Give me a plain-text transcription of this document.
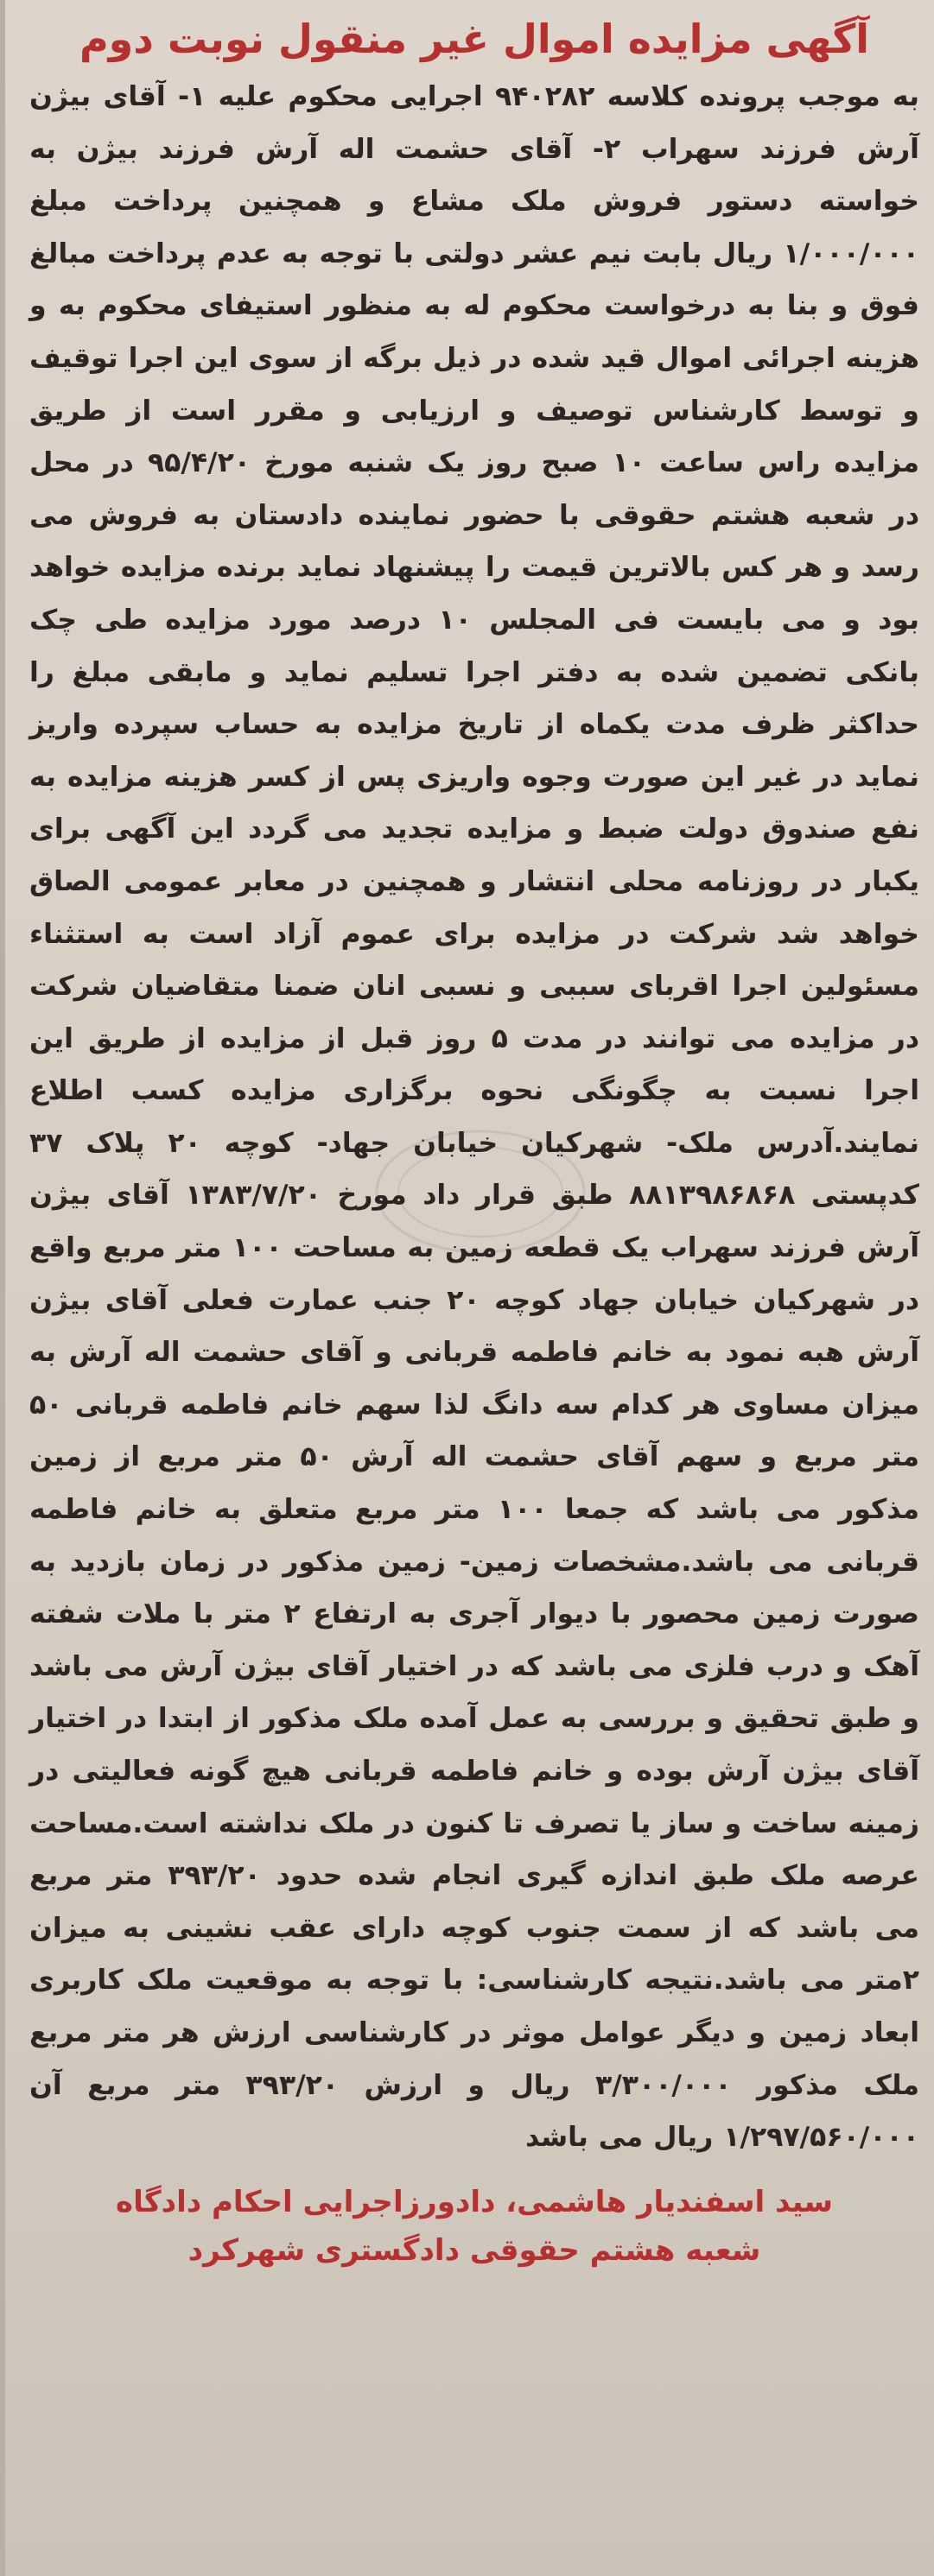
آگهی مزایده اموال غیر منقول نوبت دوم
به موجب پرونده کلاسه ۹۴۰۲۸۲ اجرایی محکوم علیه ۱- آقای بیژن آرش فرزند سهراب ۲- آقای حشمت اله آرش فرزند بیژن به خواسته دستور فروش ملک مشاع و همچنین پرداخت مبلغ ۱/۰۰۰/۰۰۰ ریال بابت نیم عشر دولتی با توجه به عدم پرداخت مبالغ فوق و بنا به درخواست محکوم له به منظور استیفای محکوم به و هزینه اجرائی اموال قید شده در ذیل برگه از سوی این اجرا توقیف و توسط کارشناس توصیف و ارزیابی و مقرر است از طریق مزایده راس ساعت ۱۰ صبح روز یک شنبه مورخ ۹۵/۴/۲۰ در محل در شعبه هشتم حقوقی با حضور نماینده دادستان به فروش می رسد و هر کس بالاترین قیمت را پیشنهاد نماید برنده مزایده خواهد بود و می بایست فی المجلس ۱۰ درصد مورد مزایده طی چک بانکی تضمین شده به دفتر اجرا تسلیم نماید و مابقی مبلغ را حداکثر ظرف مدت یکماه از تاریخ مزایده به حساب سپرده واریز نماید در غیر این صورت وجوه واریزی پس از کسر هزینه مزایده به نفع صندوق دولت ضبط و مزایده تجدید می گردد این آگهی برای یکبار در روزنامه محلی انتشار و همچنین در معابر عمومی الصاق خواهد شد شرکت در مزایده برای عموم آزاد است به استثناء مسئولین اجرا اقربای سببی و نسبی انان ضمنا متقاضیان شرکت در مزایده می توانند در مدت ۵ روز قبل از مزایده از طریق این اجرا نسبت به چگونگی نحوه برگزاری مزایده کسب اطلاع نمایند.آدرس ملک- شهرکیان خیابان جهاد- کوچه ۲۰ پلاک ۳۷ کدپستی ۸۸۱۳۹۸۶۸۶۸ طبق قرار داد مورخ ۱۳۸۳/۷/۲۰ آقای بیژن آرش فرزند سهراب یک قطعه زمین به مساحت ۱۰۰ متر مربع واقع در شهرکیان خیابان جهاد کوچه ۲۰ جنب عمارت فعلی آقای بیژن آرش هبه نمود به خانم فاطمه قربانی و آقای حشمت اله آرش به میزان مساوی هر کدام سه دانگ لذا سهم خانم فاطمه قربانی ۵۰ متر مربع و سهم آقای حشمت اله آرش ۵۰ متر مربع از زمین مذکور می باشد که جمعا ۱۰۰ متر مربع متعلق به خانم فاطمه قربانی می باشد.مشخصات زمین- زمین مذکور در زمان بازدید به صورت زمین محصور با دیوار آجری به ارتفاع ۲ متر با ملات شفته آهک و درب فلزی می باشد که در اختیار آقای بیژن آرش می باشد و طبق تحقیق و بررسی به عمل آمده ملک مذکور از ابتدا در اختیار آقای بیژن آرش بوده و خانم فاطمه قربانی هیچ گونه فعالیتی در زمینه ساخت و ساز یا تصرف تا کنون در ملک نداشته است.مساحت عرصه ملک طبق اندازه گیری انجام شده حدود ۳۹۳/۲۰ متر مربع می باشد که از سمت جنوب کوچه دارای عقب نشینی به میزان ۲متر می باشد.نتیجه کارشناسی: با توجه به موقعیت ملک کاربری ابعاد زمین و دیگر عوامل موثر در کارشناسی ارزش هر متر مربع ملک مذکور ۳/۳۰۰/۰۰۰ ریال و ارزش ۳۹۳/۲۰ متر مربع آن ۱/۲۹۷/۵۶۰/۰۰۰ ریال می باشد
سید اسفندیار هاشمی، دادورزاجرایی احکام دادگاه
شعبه هشتم حقوقی دادگستری شهرکرد
